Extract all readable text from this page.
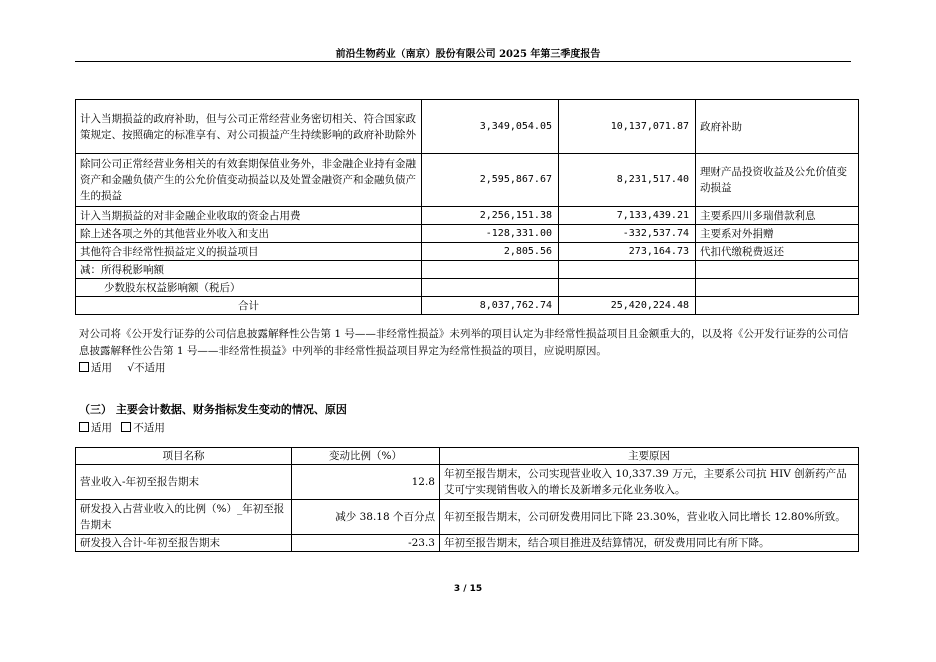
前沿生物药业（南京）股份有限公司 2025 年第三季度报告
计入当期损益的政府补助，但与公司正常经营业务密切相关、符合国家政策规定、按照确定的标准享有、对公司损益产生持续影响的政府补助除外	3,349,054.05	10,137,071.87	政府补助
除同公司正常经营业务相关的有效套期保值业务外，非金融企业持有金融资产和金融负债产生的公允价值变动损益以及处置金融资产和金融负债产生的损益	2,595,867.67	8,231,517.40	理财产品投资收益及公允价值变动损益
计入当期损益的对非金融企业收取的资金占用费	2,256,151.38	7,133,439.21	主要系四川多瑞借款利息
除上述各项之外的其他营业外收入和支出	-128,331.00	-332,537.74	主要系对外捐赠
其他符合非经常性损益定义的损益项目	2,805.56	273,164.73	代扣代缴税费返还
减：所得税影响额			
少数股东权益影响额（税后）			
合计	8,037,762.74	25,420,224.48	
对公司将《公开发行证券的公司信息披露解释性公告第 1 号——非经常性损益》未列举的项目认定为非经常性损益项目且金额重大的，以及将《公开发行证券的公司信息披露解释性公告第 1 号——非经常性损益》中列举的非经常性损益项目界定为经常性损益的项目，应说明原因。
适用 √不适用
（三） 主要会计数据、财务指标发生变动的情况、原因
适用 不适用
项目名称	变动比例（%）	主要原因
营业收入-年初至报告期末	12.8	年初至报告期末，公司实现营业收入 10,337.39 万元，主要系公司抗 HIV 创新药产品艾可宁实现销售收入的增长及新增多元化业务收入。
研发投入占营业收入的比例（%）_年初至报告期末	减少 38.18 个百分点	年初至报告期末，公司研发费用同比下降 23.30%，营业收入同比增长 12.80%所致。
研发投入合计-年初至报告期末	-23.3	年初至报告期末，结合项目推进及结算情况，研发费用同比有所下降。
3 / 15
